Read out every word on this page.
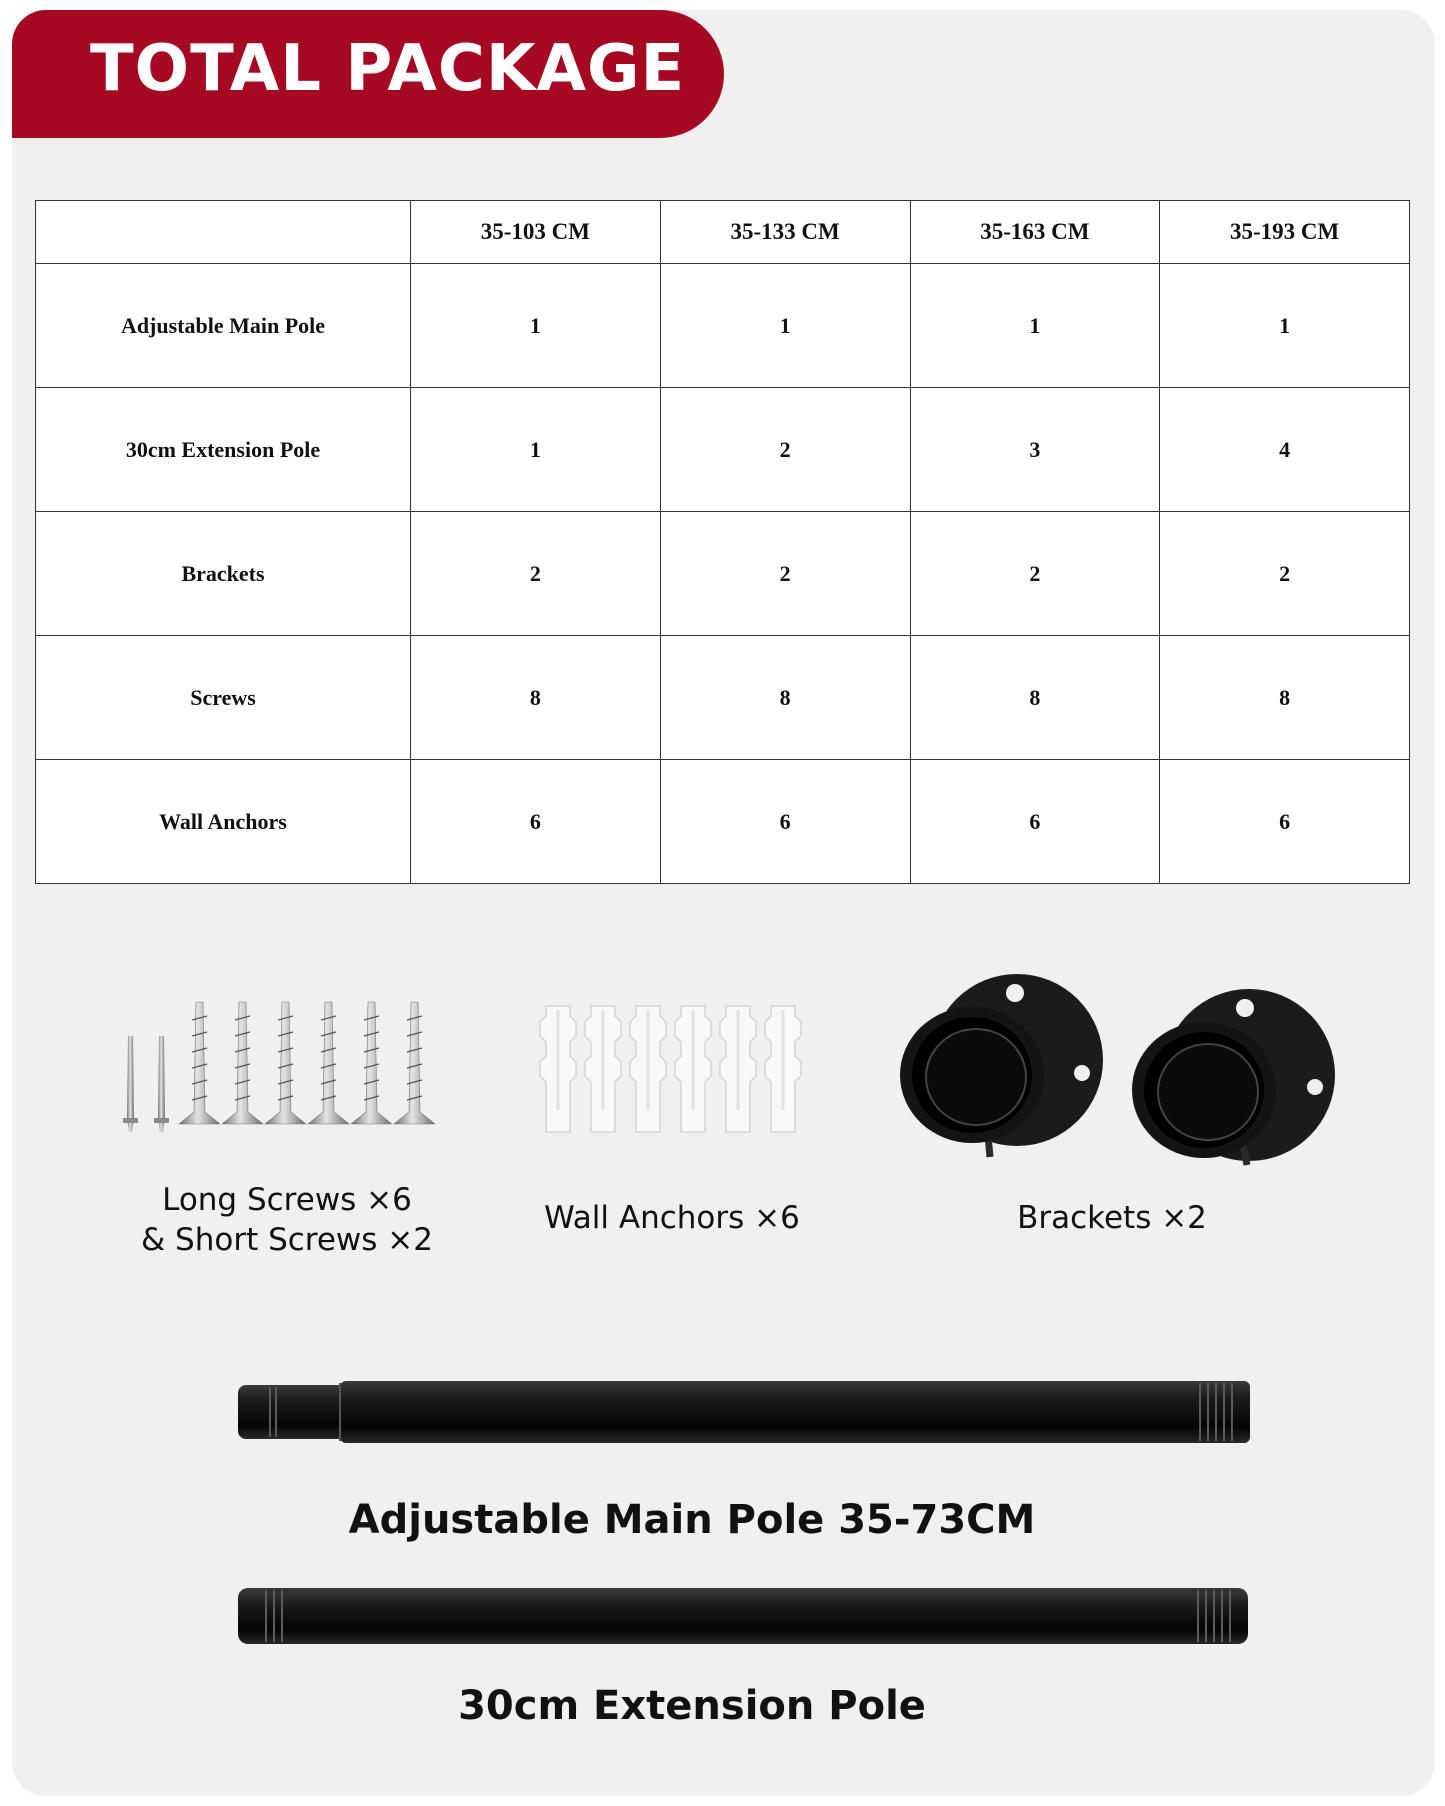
TOTAL PACKAGE
	35-103 CM	35-133 CM	35-163 CM	35-193 CM
Adjustable Main Pole	1	1	1	1
30cm Extension Pole	1	2	3	4
Brackets	2	2	2	2
Screws	8	8	8	8
Wall Anchors	6	6	6	6
Long Screws ×6
& Short Screws ×2
Wall Anchors ×6	Brackets ×2
Adjustable Main Pole 35-73CM
30cm Extension Pole
